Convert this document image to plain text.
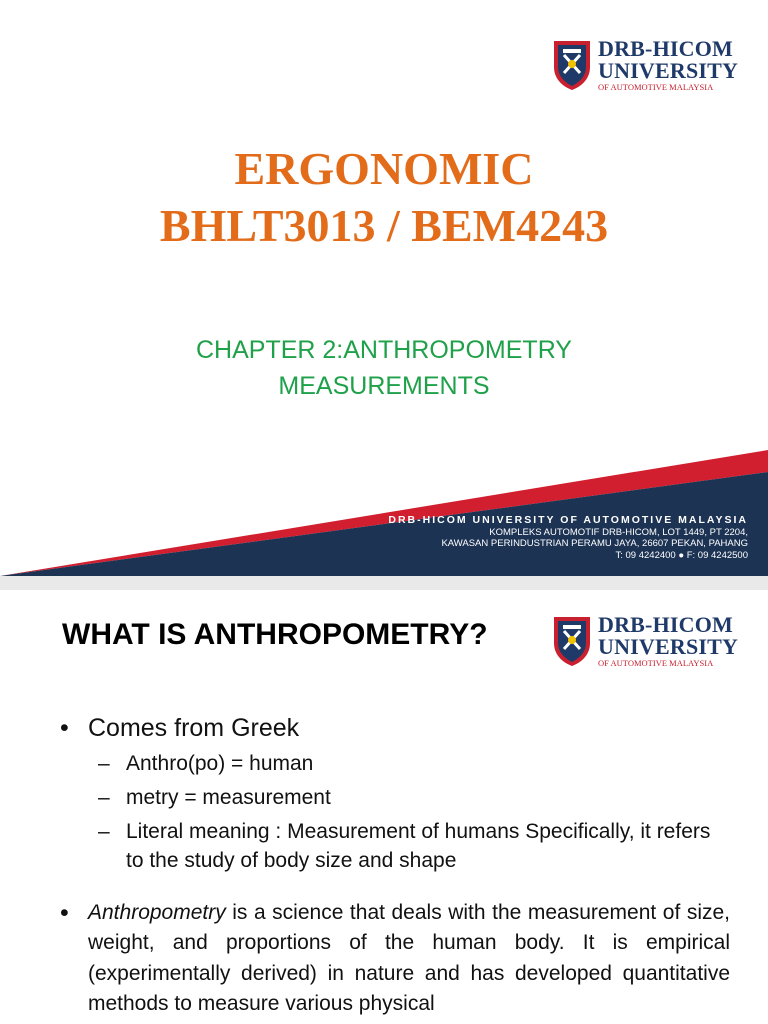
DRB-HICOM
UNIVERSITY
OF AUTOMOTIVE MALAYSIA
ERGONOMIC
BHLT3013 / BEM4243
CHAPTER 2:ANTHROPOMETRY
MEASUREMENTS
DRB-HICOM UNIVERSITY OF AUTOMOTIVE MALAYSIA
KOMPLEKS AUTOMOTIF DRB-HICOM, LOT 1449, PT 2204,
KAWASAN PERINDUSTRIAN PERAMU JAYA, 26607 PEKAN, PAHANG
T: 09 4242400 ● F: 09 4242500
WHAT IS ANTHROPOMETRY?	DRB-HICOM
UNIVERSITY
OF AUTOMOTIVE MALAYSIA
• Comes from Greek
– Anthro(po) = human
– metry = measurement
– Literal meaning : Measurement of humans Specifically, it refers to the study of body size and shape
• Anthropometry is a science that deals with the measurement of size, weight, and proportions of the human body. It is empirical (experimentally derived) in nature and has developed quantitative methods to measure various physical
